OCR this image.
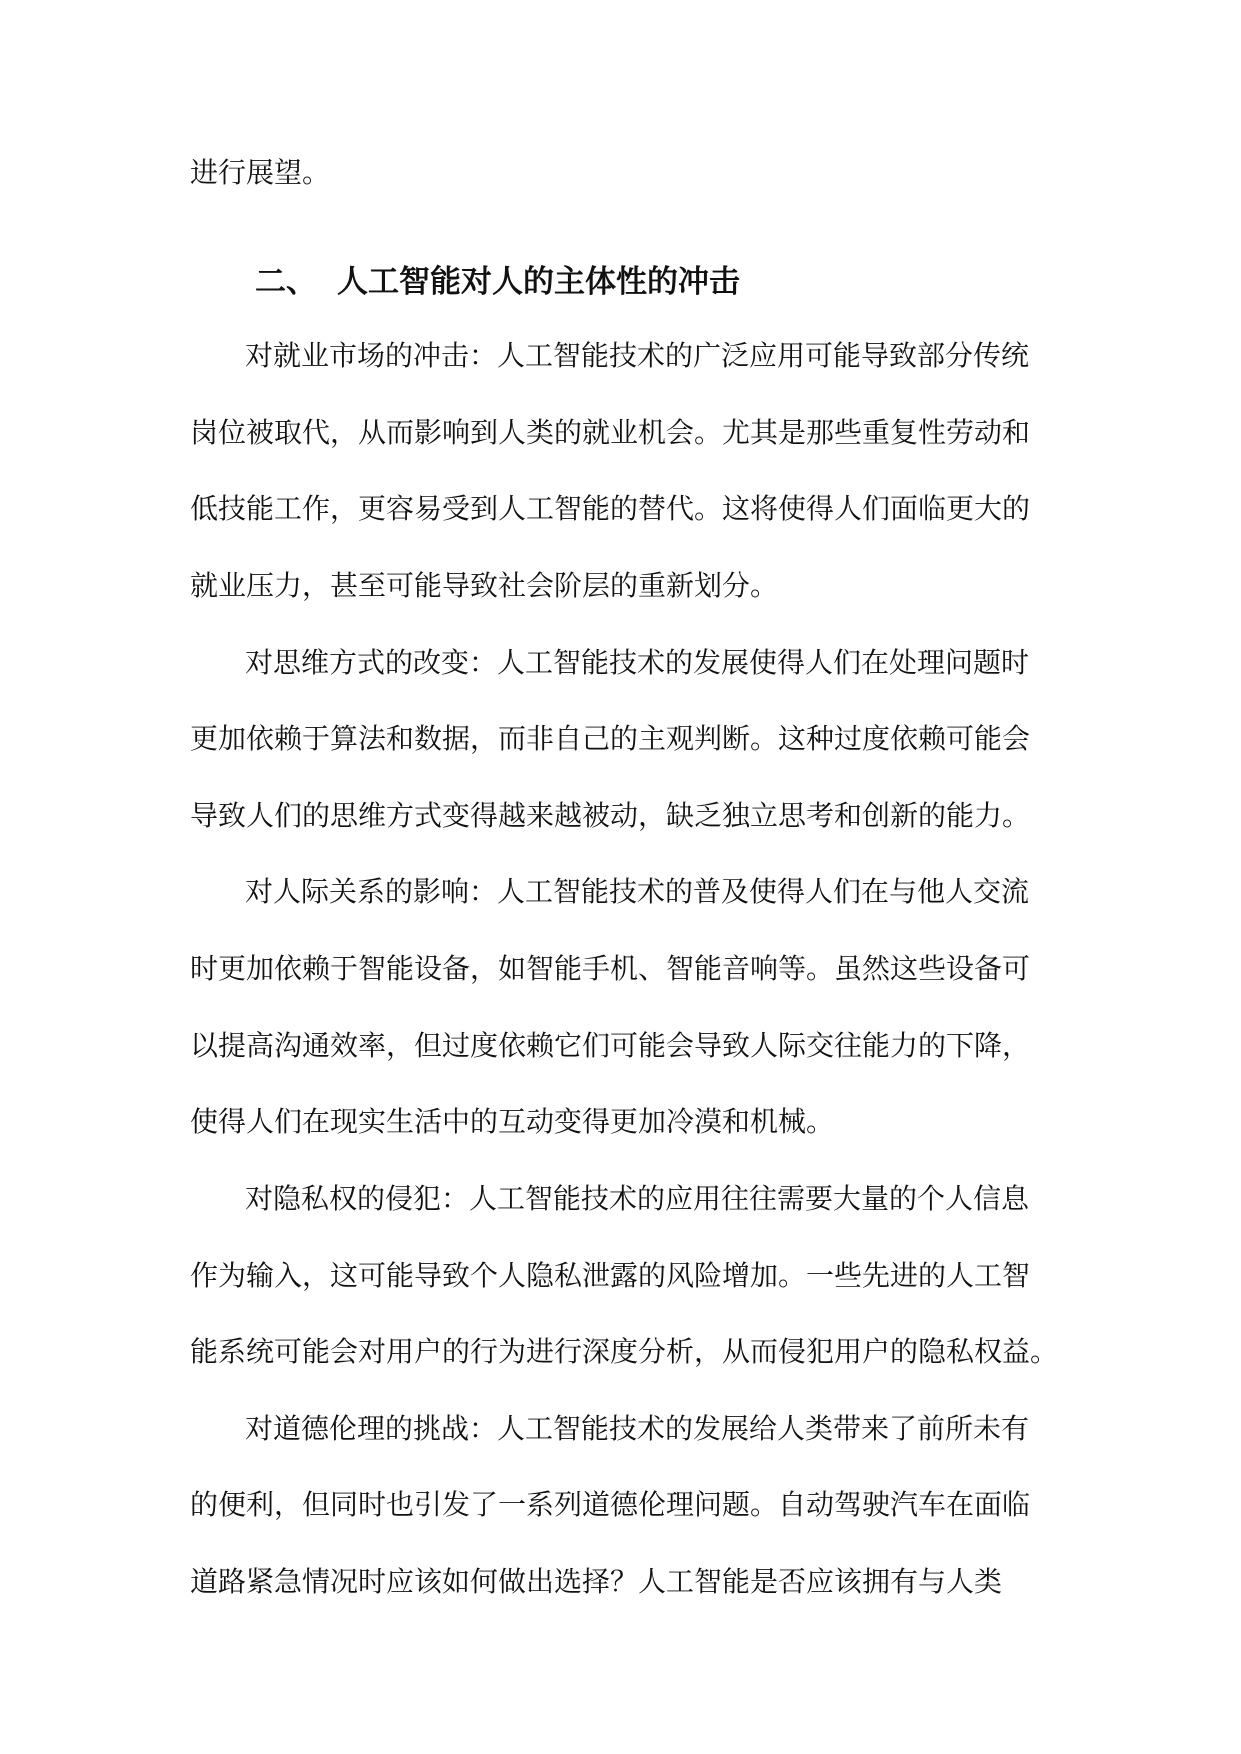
进行展望。
二、 人工智能对人的主体性的冲击
对就业市场的冲击：人工智能技术的广泛应用可能导致部分传统
岗位被取代，从而影响到人类的就业机会。尤其是那些重复性劳动和
低技能工作，更容易受到人工智能的替代。这将使得人们面临更大的
就业压力，甚至可能导致社会阶层的重新划分。
对思维方式的改变：人工智能技术的发展使得人们在处理问题时
更加依赖于算法和数据，而非自己的主观判断。这种过度依赖可能会
导致人们的思维方式变得越来越被动，缺乏独立思考和创新的能力。
对人际关系的影响：人工智能技术的普及使得人们在与他人交流
时更加依赖于智能设备，如智能手机、智能音响等。虽然这些设备可
以提高沟通效率，但过度依赖它们可能会导致人际交往能力的下降，
使得人们在现实生活中的互动变得更加冷漠和机械。
对隐私权的侵犯：人工智能技术的应用往往需要大量的个人信息
作为输入，这可能导致个人隐私泄露的风险增加。一些先进的人工智
能系统可能会对用户的行为进行深度分析，从而侵犯用户的隐私权益。
对道德伦理的挑战：人工智能技术的发展给人类带来了前所未有
的便利，但同时也引发了一系列道德伦理问题。自动驾驶汽车在面临
道路紧急情况时应该如何做出选择？人工智能是否应该拥有与人类
